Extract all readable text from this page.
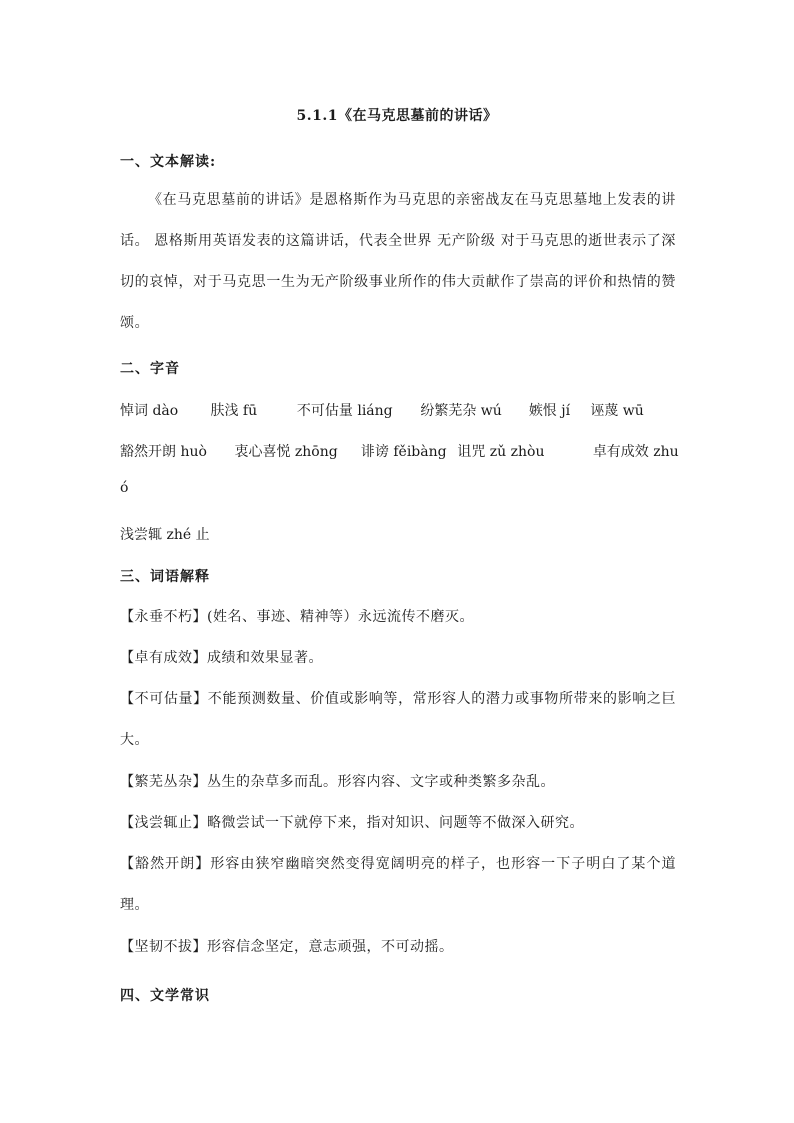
5.1.1《在马克思墓前的讲话》
一、文本解读:
《在马克思墓前的讲话》是恩格斯作为马克思的亲密战友在马克思墓地上发表的讲话。 恩格斯用英语发表的这篇讲话，代表全世界 无产阶级 对于马克思的逝世表示了深切的哀悼，对于马克思一生为无产阶级事业所作的伟大贡献作了崇高的评价和热情的赞颂。
二、字音
悼词 dào 肤浅 fū	不可估量 liáng 纷繁芜杂 wú 嫉恨 jí 诬蔑 wū
豁然开朗 huò 衷心喜悦 zhōng 诽谤 fěibàng 诅咒 zǔ zhòu	卓有成效 zhu
ó
浅尝辄 zhé 止
三、词语解释
【永垂不朽】(姓名、事迹、精神等）永远流传不磨灭。
【卓有成效】成绩和效果显著。
【不可估量】不能预测数量、价值或影响等，常形容人的潜力或事物所带来的影响之巨大。
【繁芜丛杂】丛生的杂草多而乱。形容内容、文字或种类繁多杂乱。
【浅尝辄止】略微尝试一下就停下来，指对知识、问题等不做深入研究。
【豁然开朗】形容由狭窄幽暗突然变得宽阔明亮的样子，也形容一下子明白了某个道理。
【坚韧不拔】形容信念坚定，意志顽强，不可动摇。
四、文学常识
